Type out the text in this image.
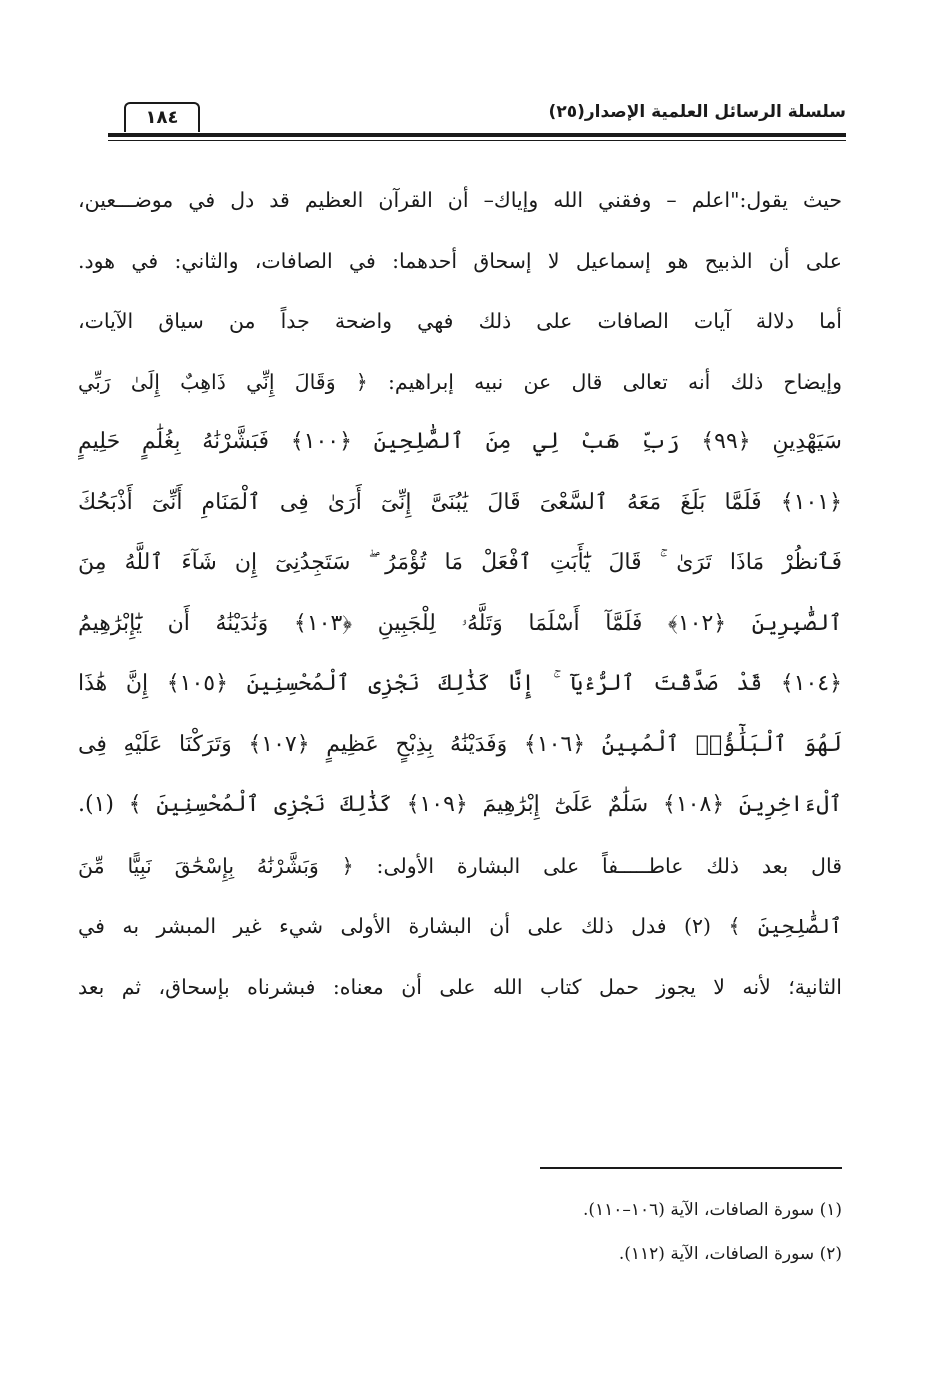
سلسلة الرسائل العلمية الإصدار(٢٥)
١٨٤
حيث يقول:"اعلم – وفقني الله وإياك– أن القرآن العظيم قد دل في موضـــعين،
على أن الذبيح هو إسماعيل لا إسحاق أحدهما: في الصافات، والثاني: في هود.
أما دلالة آيات الصافات على ذلك فهي واضحة جداً من سياق الآيات،
وإيضاح ذلك أنه تعالى قال عن نبيه إبراهيم: ﴿ وَقَالَ إِنِّي ذَاهِبٌ إِلَىٰ رَبِّي
سَيَهْدِينِ ﴿٩٩﴾ رَبِّ هَبْ لِي مِنَ ٱلصَّٰلِحِينَ ﴿١٠٠﴾ فَبَشَّرْنَٰهُ بِغُلَٰمٍ حَلِيمٍ
﴿١٠١﴾ فَلَمَّا بَلَغَ مَعَهُ ٱلسَّعْىَ قَالَ يَٰبُنَىَّ إِنِّىٓ أَرَىٰ فِى ٱلْمَنَامِ أَنِّىٓ أَذْبَحُكَ
فَٱنظُرْ مَاذَا تَرَىٰ ۚ قَالَ يَٰٓأَبَتِ ٱفْعَلْ مَا تُؤْمَرُ ۖ سَتَجِدُنِىٓ إِن شَآءَ ٱللَّهُ مِنَ
ٱلصَّٰبِرِينَ ﴿١٠٢﴾ فَلَمَّآ أَسْلَمَا وَتَلَّهُۥ لِلْجَبِينِ ﴿١٠٣﴾ وَنَٰدَيْنَٰهُ أَن يَٰٓإِبْرَٰهِيمُ
﴿١٠٤﴾ قَدْ صَدَّقْتَ ٱلرُّءْيَآ ۚ إِنَّا كَذَٰلِكَ نَجْزِى ٱلْمُحْسِنِينَ ﴿١٠٥﴾ إِنَّ هَٰذَا
لَهُوَ ٱلْبَلَٰٓؤُا۟ ٱلْمُبِينُ ﴿١٠٦﴾ وَفَدَيْنَٰهُ بِذِبْحٍ عَظِيمٍ ﴿١٠٧﴾ وَتَرَكْنَا عَلَيْهِ فِى
ٱلْءَاخِرِينَ ﴿١٠٨﴾ سَلَٰمٌ عَلَىٰٓ إِبْرَٰهِيمَ ﴿١٠٩﴾ كَذَٰلِكَ نَجْزِى ٱلْمُحْسِنِينَ ﴾ (١).
قال بعد ذلك عاطـــــفاً على البشارة الأولى: ﴿ وَبَشَّرْنَٰهُ بِإِسْحَٰقَ نَبِيًّا مِّنَ
ٱلصَّٰلِحِينَ ﴾ (٢) فدل ذلك على أن البشارة الأولى شيء غير المبشر به في
الثانية؛ لأنه لا يجوز حمل كتاب الله على أن معناه: فبشرناه بإسحاق، ثم بعد
(١) سورة الصافات، الآية (١٠٦–١١٠).
(٢) سورة الصافات، الآية (١١٢).
